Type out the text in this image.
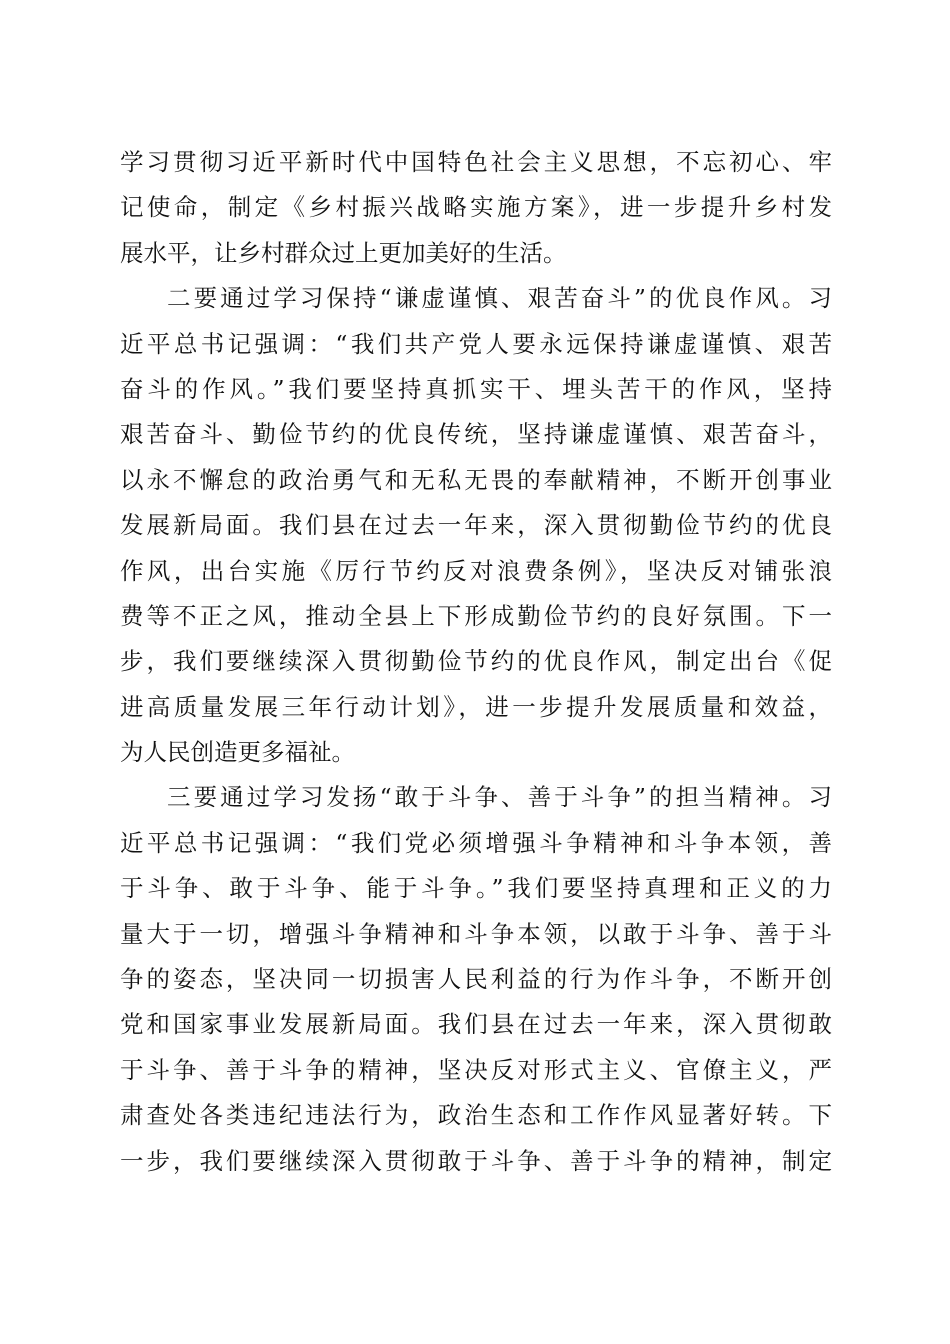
学习贯彻习近平新时代中国特色社会主义思想，不忘初心、牢
记使命，制定《乡村振兴战略实施方案》，进一步提升乡村发
展水平，让乡村群众过上更加美好的生活。
二要通过学习保持“谦虚谨慎、艰苦奋斗”的优良作风。习
近平总书记强调：“我们共产党人要永远保持谦虚谨慎、艰苦
奋斗的作风。”我们要坚持真抓实干、埋头苦干的作风，坚持
艰苦奋斗、勤俭节约的优良传统，坚持谦虚谨慎、艰苦奋斗，
以永不懈怠的政治勇气和无私无畏的奉献精神，不断开创事业
发展新局面。我们县在过去一年来，深入贯彻勤俭节约的优良
作风，出台实施《厉行节约反对浪费条例》，坚决反对铺张浪
费等不正之风，推动全县上下形成勤俭节约的良好氛围。下一
步，我们要继续深入贯彻勤俭节约的优良作风，制定出台《促
进高质量发展三年行动计划》，进一步提升发展质量和效益，
为人民创造更多福祉。
三要通过学习发扬“敢于斗争、善于斗争”的担当精神。习
近平总书记强调：“我们党必须增强斗争精神和斗争本领，善
于斗争、敢于斗争、能于斗争。”我们要坚持真理和正义的力
量大于一切，增强斗争精神和斗争本领，以敢于斗争、善于斗
争的姿态，坚决同一切损害人民利益的行为作斗争，不断开创
党和国家事业发展新局面。我们县在过去一年来，深入贯彻敢
于斗争、善于斗争的精神，坚决反对形式主义、官僚主义，严
肃查处各类违纪违法行为，政治生态和工作作风显著好转。下
一步，我们要继续深入贯彻敢于斗争、善于斗争的精神，制定
